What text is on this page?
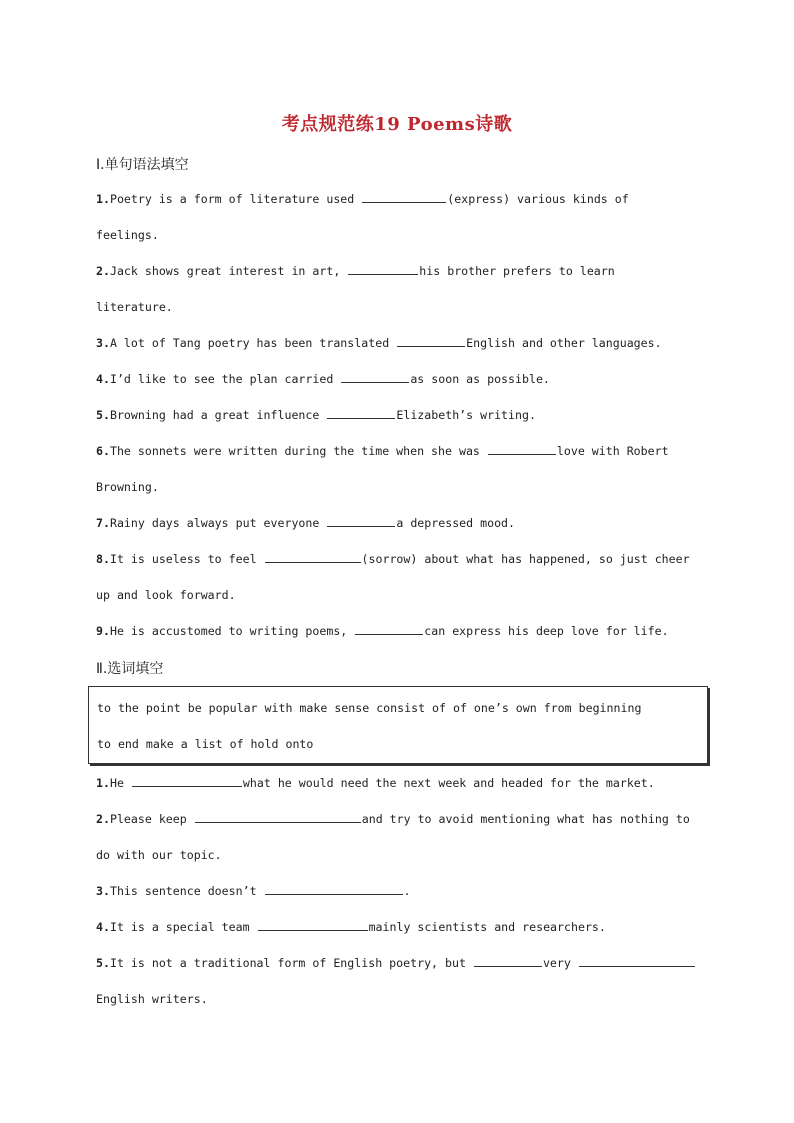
考点规范练19 Poems诗歌
Ⅰ.单句语法填空
1.Poetry is a form of literature used	(express) various kinds of
feelings.
2.Jack shows great interest in art,	his brother prefers to learn
literature.
3.A lot of Tang poetry has been translated	English and other languages.
4.I’d like to see the plan carried	as soon as possible.
5.Browning had a great influence	Elizabeth’s writing.
6.The sonnets were written during the time when she was	love with Robert
Browning.
7.Rainy days always put everyone	a depressed mood.
8.It is useless to feel	(sorrow) about what has happened, so just cheer
up and look forward.
9.He is accustomed to writing poems,	can express his deep love for life.
Ⅱ.选词填空
to the point be popular with make sense consist of of one’s own from beginning
to end make a list of hold onto
1.He	what he would need the next week and headed for the market.
2.Please keep	and try to avoid mentioning what has nothing to
do with our topic.
3.This sentence doesn’t	.
4.It is a special team	mainly scientists and researchers.
5.It is not a traditional form of English poetry, but	very
English writers.
